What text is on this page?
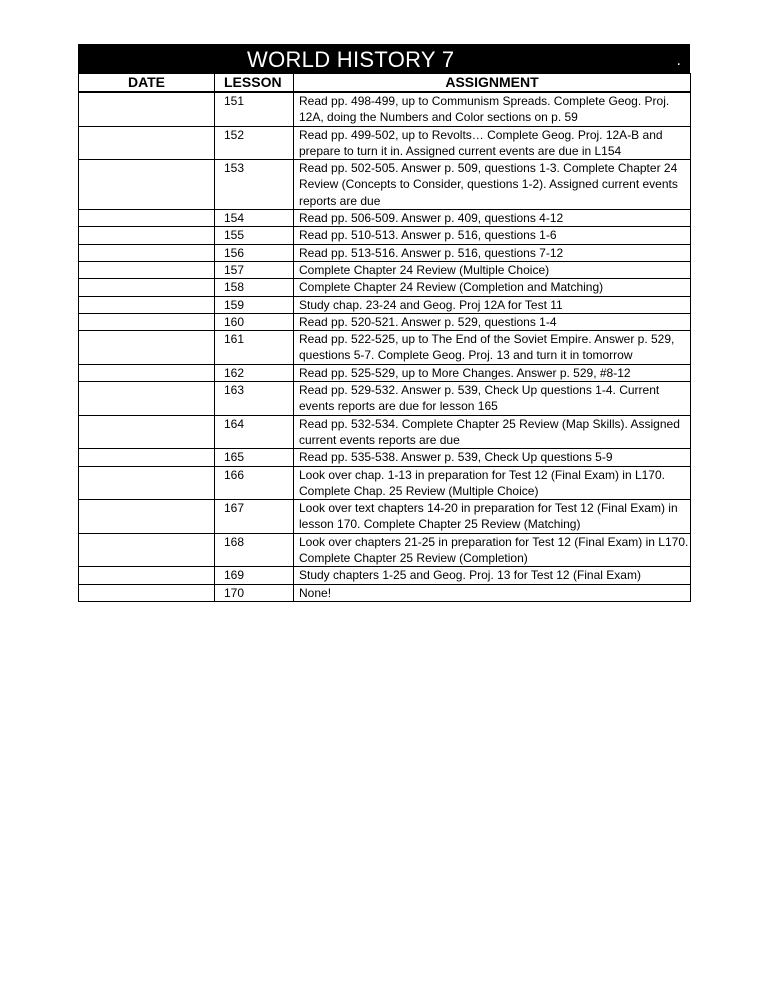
WORLD HISTORY 7	.
DATE	LESSON	ASSIGNMENT
	151	Read pp. 498-499, up to Communism Spreads. Complete Geog. Proj. 12A, doing the Numbers and Color sections on p. 59
	152	Read pp. 499-502, up to Revolts… Complete Geog. Proj. 12A-B and prepare to turn it in. Assigned current events are due in L154
	153	Read pp. 502-505. Answer p. 509, questions 1-3. Complete Chapter 24 Review (Concepts to Consider, questions 1-2). Assigned current events reports are due
	154	Read pp. 506-509. Answer p. 409, questions 4-12
	155	Read pp. 510-513. Answer p. 516, questions 1-6
	156	Read pp. 513-516. Answer p. 516, questions 7-12
	157	Complete Chapter 24 Review (Multiple Choice)
	158	Complete Chapter 24 Review (Completion and Matching)
	159	Study chap. 23-24 and Geog. Proj 12A for Test 11
	160	Read pp. 520-521. Answer p. 529, questions 1-4
	161	Read pp. 522-525, up to The End of the Soviet Empire. Answer p. 529, questions 5-7. Complete Geog. Proj. 13 and turn it in tomorrow
	162	Read pp. 525-529, up to More Changes. Answer p. 529, #8-12
	163	Read pp. 529-532. Answer p. 539, Check Up questions 1-4. Current events reports are due for lesson 165
	164	Read pp. 532-534. Complete Chapter 25 Review (Map Skills). Assigned current events reports are due
	165	Read pp. 535-538. Answer p. 539, Check Up questions 5-9
	166	Look over chap. 1-13 in preparation for Test 12 (Final Exam) in L170. Complete Chap. 25 Review (Multiple Choice)
	167	Look over text chapters 14-20 in preparation for Test 12 (Final Exam) in lesson 170. Complete Chapter 25 Review (Matching)
	168	Look over chapters 21-25 in preparation for Test 12 (Final Exam) in L170. Complete Chapter 25 Review (Completion)
	169	Study chapters 1-25 and Geog. Proj. 13 for Test 12 (Final Exam)
	170	None!
